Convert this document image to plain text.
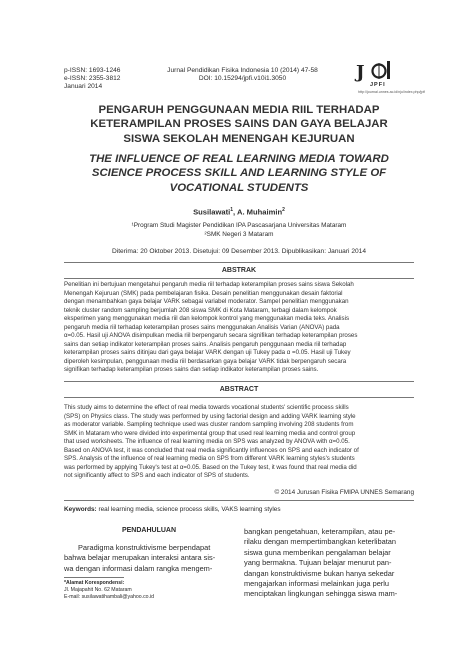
p-ISSN: 1693-1246
e-ISSN: 2355-3812
Januari 2014
Jurnal Pendidikan Fisika Indonesia 10 (2014) 47-58
DOI: 10.15294/jpfi.v10i1.3050	J
JPFI
http://journal.unnes.ac.id/nju/index.php/jpfi
PENGARUH PENGGUNAAN MEDIA RIIL TERHADAP
KETERAMPILAN PROSES SAINS DAN GAYA BELAJAR
SISWA SEKOLAH MENENGAH KEJURUAN
THE INFLUENCE OF REAL LEARNING MEDIA TOWARD
SCIENCE PROCESS SKILL AND LEARNING STYLE OF
VOCATIONAL STUDENTS
Susilawati$^1$, A. Muhaimin$^2$
¹Program Studi Magister Pendidikan IPA Pascasarjana Universitas Mataram
²SMK Negeri 3 Mataram
Diterima: 20 Oktober 2013. Disetujui: 09 Desember 2013. Dipublikasikan: Januari 2014
ABSTRAK

Penelitian ini bertujuan mengetahui pengaruh media riil terhadap keterampilan proses sains siswa Sekolah

Menengah Kejuruan (SMK) pada pembelajaran fisika. Desain penelitian menggunakan desain faktorial

dengan menambahkan gaya belajar VARK sebagai variabel moderator. Sampel penelitian menggunakan

teknik cluster random sampling berjumlah 208 siswa SMK di Kota Mataram, terbagi dalam kelompok

eksperimen yang menggunakan media riil dan kelompok kontrol yang menggunakan media teks. Analisis

pengaruh media riil terhadap keterampilan proses sains menggunakan Analisis Varian (ANOVA) pada

α=0.05. Hasil uji ANOVA disimpulkan media riil berpengaruh secara signifikan terhadap keterampilan proses

sains dan setiap indikator keterampilan proses sains. Analisis pengaruh penggunaan media riil terhadap

keterampilan proses sains ditinjau dari gaya belajar VARK dengan uji Tukey pada α =0.05. Hasil uji Tukey

diperoleh kesimpulan, penggunaan media riil berdasarkan gaya belajar VARK tidak berpengaruh secara

signifikan terhadap keterampilan proses sains dan setiap indikator keterampilan proses sains.

ABSTRACT

This study aims to determine the effect of real media towards vocational students' scientific process skills

(SPS) on Physics class. The study was performed by using factorial design and adding VARK learning style

as moderator variable. Sampling technique used was cluster random sampling involving 208 students from

SMK in Mataram who were divided into experimental group that used real learning media and control group

that used worksheets. The influence of real learning media on SPS was analyzed by ANOVA with α=0.05.

Based on ANOVA test, it was concluded that real media significantly influences on SPS and each indicator of

SPS. Analysis of the influence of real learning media on SPS from different VARK learning styles's students

was performed by applying Tukey's test at α=0.05. Based on the Tukey test, it was found that real media did

not significantly affect to SPS and each indicator of SPS of students.

© 2014 Jurusan Fisika FMIPA UNNES Semarang
Keywords: real learning media, science process skills, VAKS learning styles
PENDAHULUAN

Paradigma konstruktivisme berpendapat

bahwa belajar merupakan interaksi antara sis-

wa dengan informasi dalam rangka mengem-

bangkan pengetahuan, keterampilan, atau pe-

rilaku dengan mempertimbangkan keterlibatan

siswa guna memberikan pengalaman belajar

yang bermakna. Tujuan belajar menurut pan-

dangan konstruktivisme bukan hanya sekedar

mengajarkan informasi melainkan juga perlu

menciptakan lingkungan sehingga siswa mam-

*Alamat Korespondensi:
Jl. Majapahit No. 62 Mataram
E-mail: susilawatihambali@yahoo.co.id
